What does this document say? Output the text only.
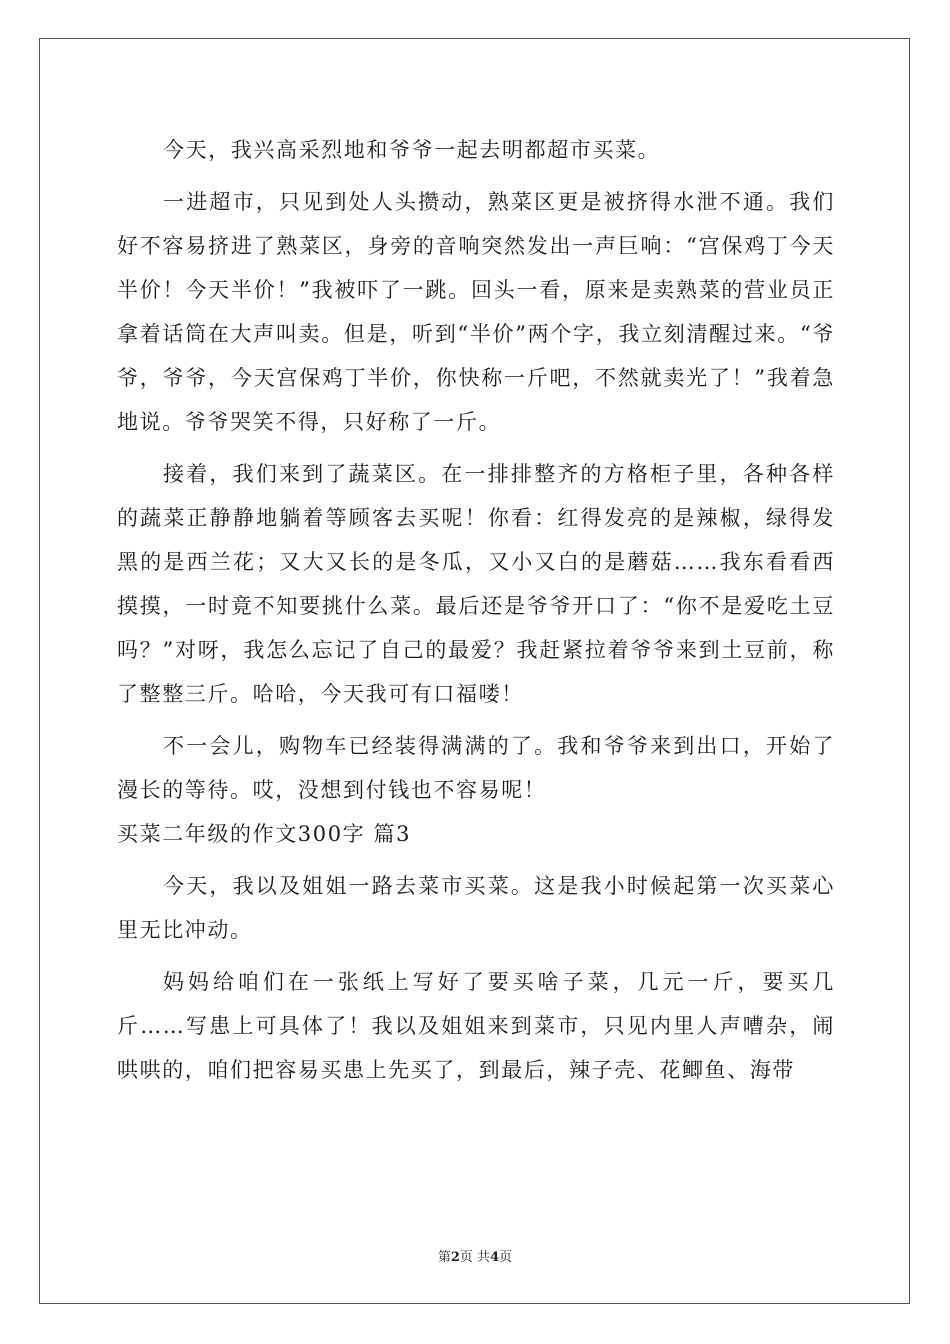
今天，我兴高采烈地和爷爷一起去明都超市买菜。

一进超市，只见到处人头攒动，熟菜区更是被挤得水泄不通。我们好不容易挤进了熟菜区，身旁的音响突然发出一声巨响：“宫保鸡丁今天半价！今天半价！”我被吓了一跳。回头一看，原来是卖熟菜的营业员正拿着话筒在大声叫卖。但是，听到“半价”两个字，我立刻清醒过来。“爷爷，爷爷，今天宫保鸡丁半价，你快称一斤吧，不然就卖光了！”我着急地说。爷爷哭笑不得，只好称了一斤。

接着，我们来到了蔬菜区。在一排排整齐的方格柜子里，各种各样的蔬菜正静静地躺着等顾客去买呢！你看：红得发亮的是辣椒，绿得发黑的是西兰花；又大又长的是冬瓜，又小又白的是蘑菇……我东看看西摸摸，一时竟不知要挑什么菜。最后还是爷爷开口了：“你不是爱吃土豆吗？”对呀，我怎么忘记了自己的最爱？我赶紧拉着爷爷来到土豆前，称了整整三斤。哈哈，今天我可有口福喽！

不一会儿，购物车已经装得满满的了。我和爷爷来到出口，开始了漫长的等待。哎，没想到付钱也不容易呢！

买菜二年级的作文300字 篇3

今天，我以及姐姐一路去菜市买菜。这是我小时候起第一次买菜心里无比冲动。

妈妈给咱们在一张纸上写好了要买啥子菜，几元一斤，要买几斤……写患上可具体了！我以及姐姐来到菜市，只见内里人声嘈杂，闹哄哄的，咱们把容易买患上先买了，到最后，辣子壳、花鲫鱼、海带

第2页 共4页
